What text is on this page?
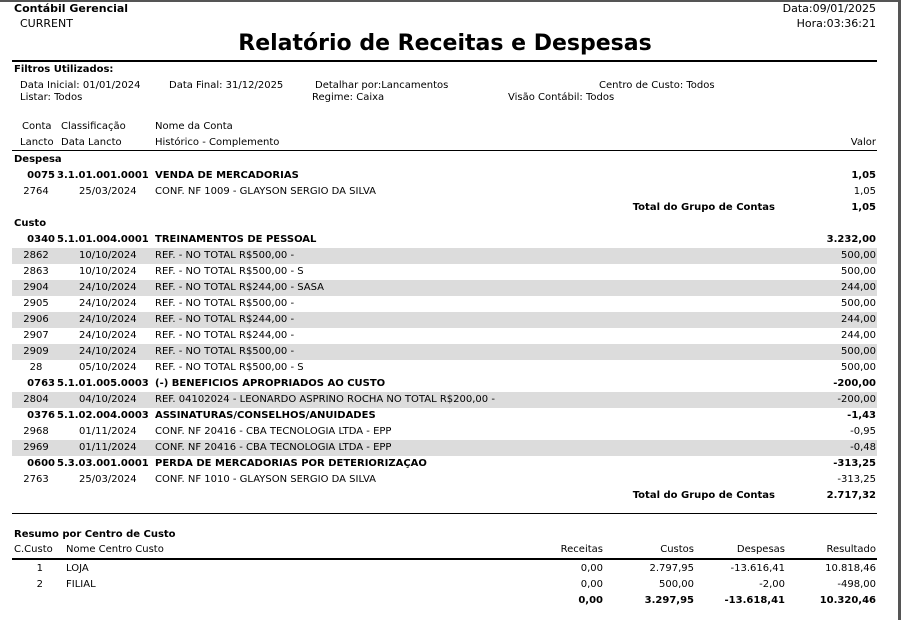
Contábil Gerencial
CURRENT
Data:09/01/2025
Hora:03:36:21
Relatório de Receitas e Despesas
Filtros Utilizados:
Data Inicial: 01/01/2024	Data Final: 31/12/2025	Detalhar por:Lancamentos	Centro de Custo: Todos
Listar: Todos	Regime: Caixa	Visão Contábil: Todos
Conta Classificação	Nome da Conta
Lancto Data Lancto	Histórico - Complemento	Valor
Despesa
0075 3.1.01.001.0001 VENDA DE MERCADORIAS	1,05
2764	25/03/2024 CONF. NF 1009 - GLAYSON SERGIO DA SILVA	1,05
Total do Grupo de Contas	1,05
Custo
0340 5.1.01.004.0001 TREINAMENTOS DE PESSOAL	3.232,00
2862	10/10/2024 REF. - NO TOTAL R$500,00 -	500,00
2863	10/10/2024 REF. - NO TOTAL R$500,00 - S	500,00
2904	24/10/2024 REF. - NO TOTAL R$244,00 - SASA	244,00
2905	24/10/2024 REF. - NO TOTAL R$500,00 -	500,00
2906	24/10/2024 REF. - NO TOTAL R$244,00 -	244,00
2907	24/10/2024 REF. - NO TOTAL R$244,00 -	244,00
2909	24/10/2024 REF. - NO TOTAL R$500,00 -	500,00
28	05/10/2024 REF. - NO TOTAL R$500,00 - S	500,00
0763 5.1.01.005.0003 (-) BENEFICIOS APROPRIADOS AO CUSTO	-200,00
2804	04/10/2024 REF. 04102024 - LEONARDO ASPRINO ROCHA NO TOTAL R$200,00 -	-200,00
0376 5.1.02.004.0003 ASSINATURAS/CONSELHOS/ANUIDADES	-1,43
2968	01/11/2024 CONF. NF 20416 - CBA TECNOLOGIA LTDA - EPP	-0,95
2969	01/11/2024 CONF. NF 20416 - CBA TECNOLOGIA LTDA - EPP	-0,48
0600 5.3.03.001.0001 PERDA DE MERCADORIAS POR DETERIORIZAÇAO	-313,25
2763	25/03/2024 CONF. NF 1010 - GLAYSON SERGIO DA SILVA	-313,25
Total do Grupo de Contas	2.717,32
Resumo por Centro de Custo
C.Custo Nome Centro Custo	Receitas	Custos	Despesas	Resultado
1 LOJA	0,00	2.797,95	-13.616,41	10.818,46
2 FILIAL	0,00	500,00	-2,00	-498,00
0,00	3.297,95	-13.618,41	10.320,46
